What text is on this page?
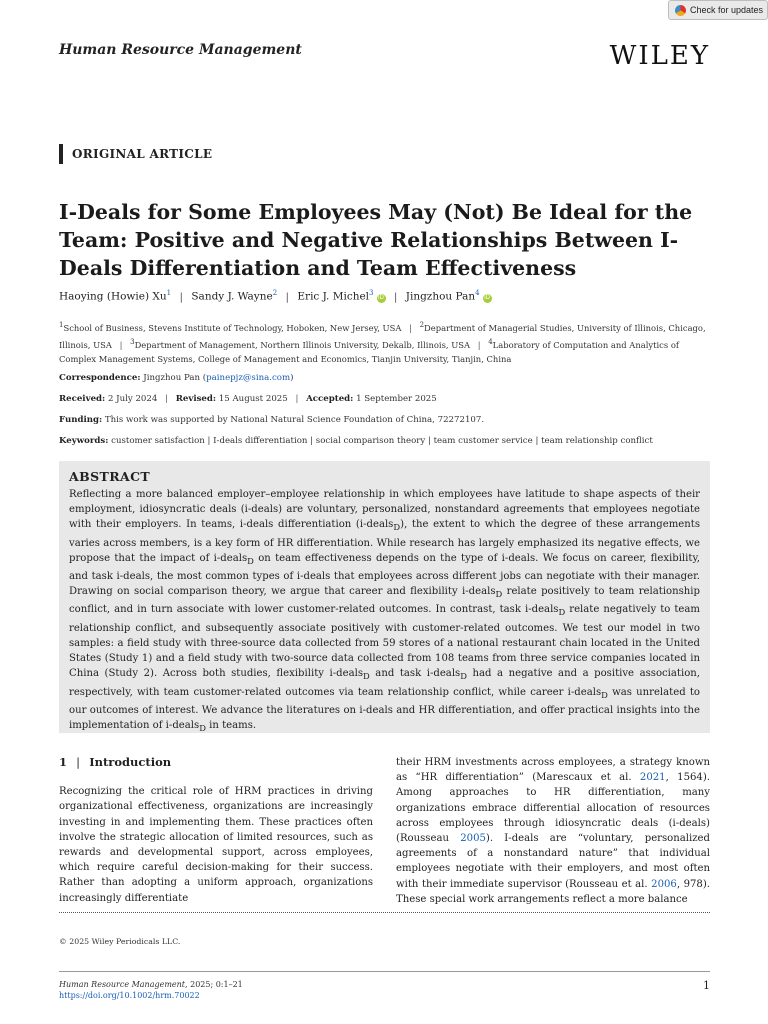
Check for updates
Human Resource Management	WILEY
ORIGINAL ARTICLE
I-Deals for Some Employees May (Not) Be Ideal for the Team: Positive and Negative Relationships Between I-Deals Differentiation and Team Effectiveness
Haoying (Howie) Xu$^1$ | Sandy J. Wayne$^2$ | Eric J. Michel$^3$iD | Jingzhou Pan$^4$iD
$^1$School of Business, Stevens Institute of Technology, Hoboken, New Jersey, USA | $^2$Department of Managerial Studies, University of Illinois, Chicago, Illinois, USA | $^3$Department of Management, Northern Illinois University, Dekalb, Illinois, USA | $^4$Laboratory of Computation and Analytics of Complex Management Systems, College of Management and Economics, Tianjin University, Tianjin, China
Correspondence: Jingzhou Pan (painepjz@sina.com)
Received: 2 July 2024 | Revised: 15 August 2025 | Accepted: 1 September 2025
Funding: This work was supported by National Natural Science Foundation of China, 72272107.
Keywords: customer satisfaction | I-deals differentiation | social comparison theory | team customer service | team relationship conflict
ABSTRACT

Reflecting a more balanced employer–employee relationship in which employees have latitude to shape aspects of their employment, idiosyncratic deals (i-deals) are voluntary, personalized, nonstandard agreements that employees negotiate with their employers. In teams, i-deals differentiation (i-deals$_D$), the extent to which the degree of these arrangements varies across members, is a key form of HR differentiation. While research has largely emphasized its negative effects, we propose that the impact of i-deals$_D$ on team effectiveness depends on the type of i-deals. We focus on career, flexibility, and task i-deals, the most common types of i-deals that employees across different jobs can negotiate with their manager. Drawing on social comparison theory, we argue that career and flexibility i-deals$_D$ relate positively to team relationship conflict, and in turn associate with lower customer-related outcomes. In contrast, task i-deals$_D$ relate negatively to team relationship conflict, and subsequently associate positively with customer-related outcomes. We test our model in two samples: a field study with three-source data collected from 59 stores of a national restaurant chain located in the United States (Study 1) and a field study with two-source data collected from 108 teams from three service companies located in China (Study 2). Across both studies, flexibility i-deals$_D$ and task i-deals$_D$ had a negative and a positive association, respectively, with team customer-related outcomes via team relationship conflict, while career i-deals$_D$ was unrelated to our outcomes of interest. We advance the literatures on i-deals and HR differentiation, and offer practical insights into the implementation of i-deals$_D$ in teams.

1 | Introduction

Recognizing the critical role of HRM practices in driving organizational effectiveness, organizations are increasingly investing in and implementing them. These practices often involve the strategic allocation of limited resources, such as rewards and developmental support, across employees, which require careful decision-making for their success. Rather than adopting a uniform approach, organizations increasingly differentiate

their HRM investments across employees, a strategy known as “HR differentiation” (Marescaux et al. 2021, 1564). Among approaches to HR differentiation, many organizations embrace differential allocation of resources across employees through idiosyncratic deals (i-deals) (Rousseau 2005). I-deals are “voluntary, personalized agreements of a nonstandard nature” that individual employees negotiate with their employers, and most often with their immediate supervisor (Rousseau et al. 2006, 978). These special work arrangements reflect a more balance

© 2025 Wiley Periodicals LLC.
Human Resource Management, 2025; 0:1–21
https://doi.org/10.1002/hrm.70022
1
